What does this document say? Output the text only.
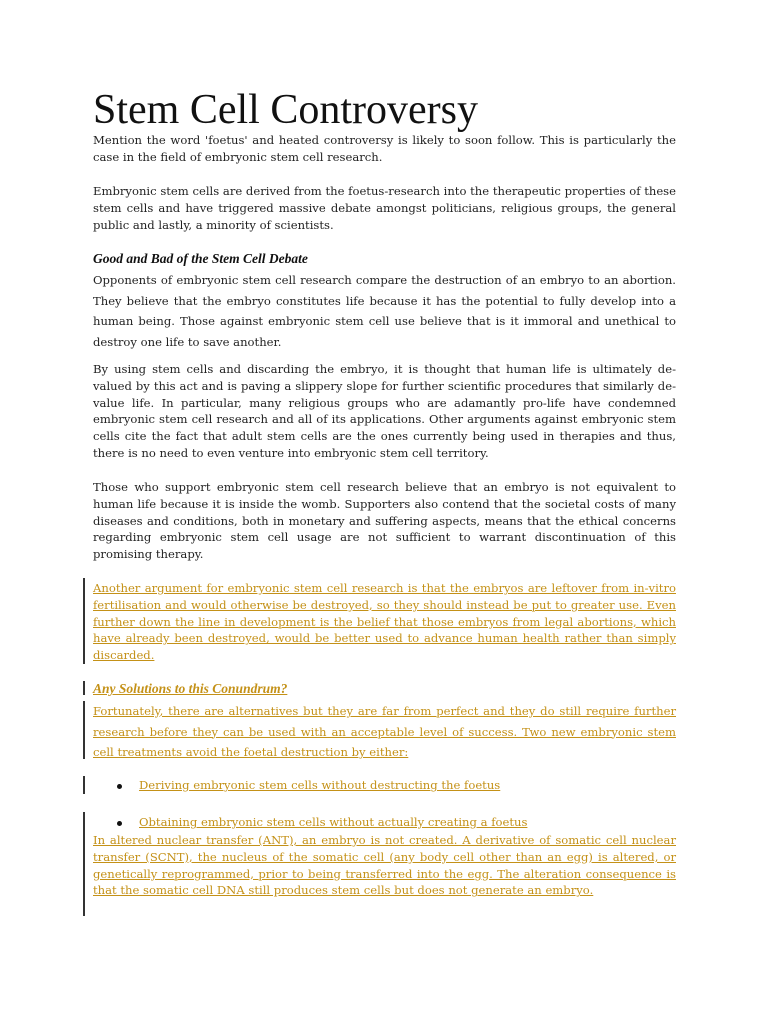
Stem Cell Controversy

Mention the word 'foetus' and heated controversy is likely to soon follow. This is particularly the case in the field of embryonic stem cell research.

Embryonic stem cells are derived from the foetus-research into the therapeutic properties of these stem cells and have triggered massive debate amongst politicians, religious groups, the general public and lastly, a minority of scientists.

Good and Bad of the Stem Cell Debate

Opponents of embryonic stem cell research compare the destruction of an embryo to an abortion. They believe that the embryo constitutes life because it has the potential to fully develop into a human being. Those against embryonic stem cell use believe that is it immoral and unethical to destroy one life to save another.

By using stem cells and discarding the embryo, it is thought that human life is ultimately de-valued by this act and is paving a slippery slope for further scientific procedures that similarly de-value life. In particular, many religious groups who are adamantly pro-life have condemned embryonic stem cell research and all of its applications. Other arguments against embryonic stem cells cite the fact that adult stem cells are the ones currently being used in therapies and thus, there is no need to even venture into embryonic stem cell territory.

Those who support embryonic stem cell research believe that an embryo is not equivalent to human life because it is inside the womb. Supporters also contend that the societal costs of many diseases and conditions, both in monetary and suffering aspects, means that the ethical concerns regarding embryonic stem cell usage are not sufficient to warrant discontinuation of this promising therapy.

Another argument for embryonic stem cell research is that the embryos are leftover from in-vitro fertilisation and would otherwise be destroyed, so they should instead be put to greater use. Even further down the line in development is the belief that those embryos from legal abortions, which have already been destroyed, would be better used to advance human health rather than simply discarded.

Any Solutions to this Conundrum?

Fortunately, there are alternatives but they are far from perfect and they do still require further research before they can be used with an acceptable level of success. Two new embryonic stem cell treatments avoid the foetal destruction by either:

Deriving embryonic stem cells without destructing the foetus
Obtaining embryonic stem cells without actually creating a foetus

In altered nuclear transfer (ANT), an embryo is not created. A derivative of somatic cell nuclear transfer (SCNT), the nucleus of the somatic cell (any body cell other than an egg) is altered, or genetically reprogrammed, prior to being transferred into the egg. The alteration consequence is that the somatic cell DNA still produces stem cells but does not generate an embryo.
